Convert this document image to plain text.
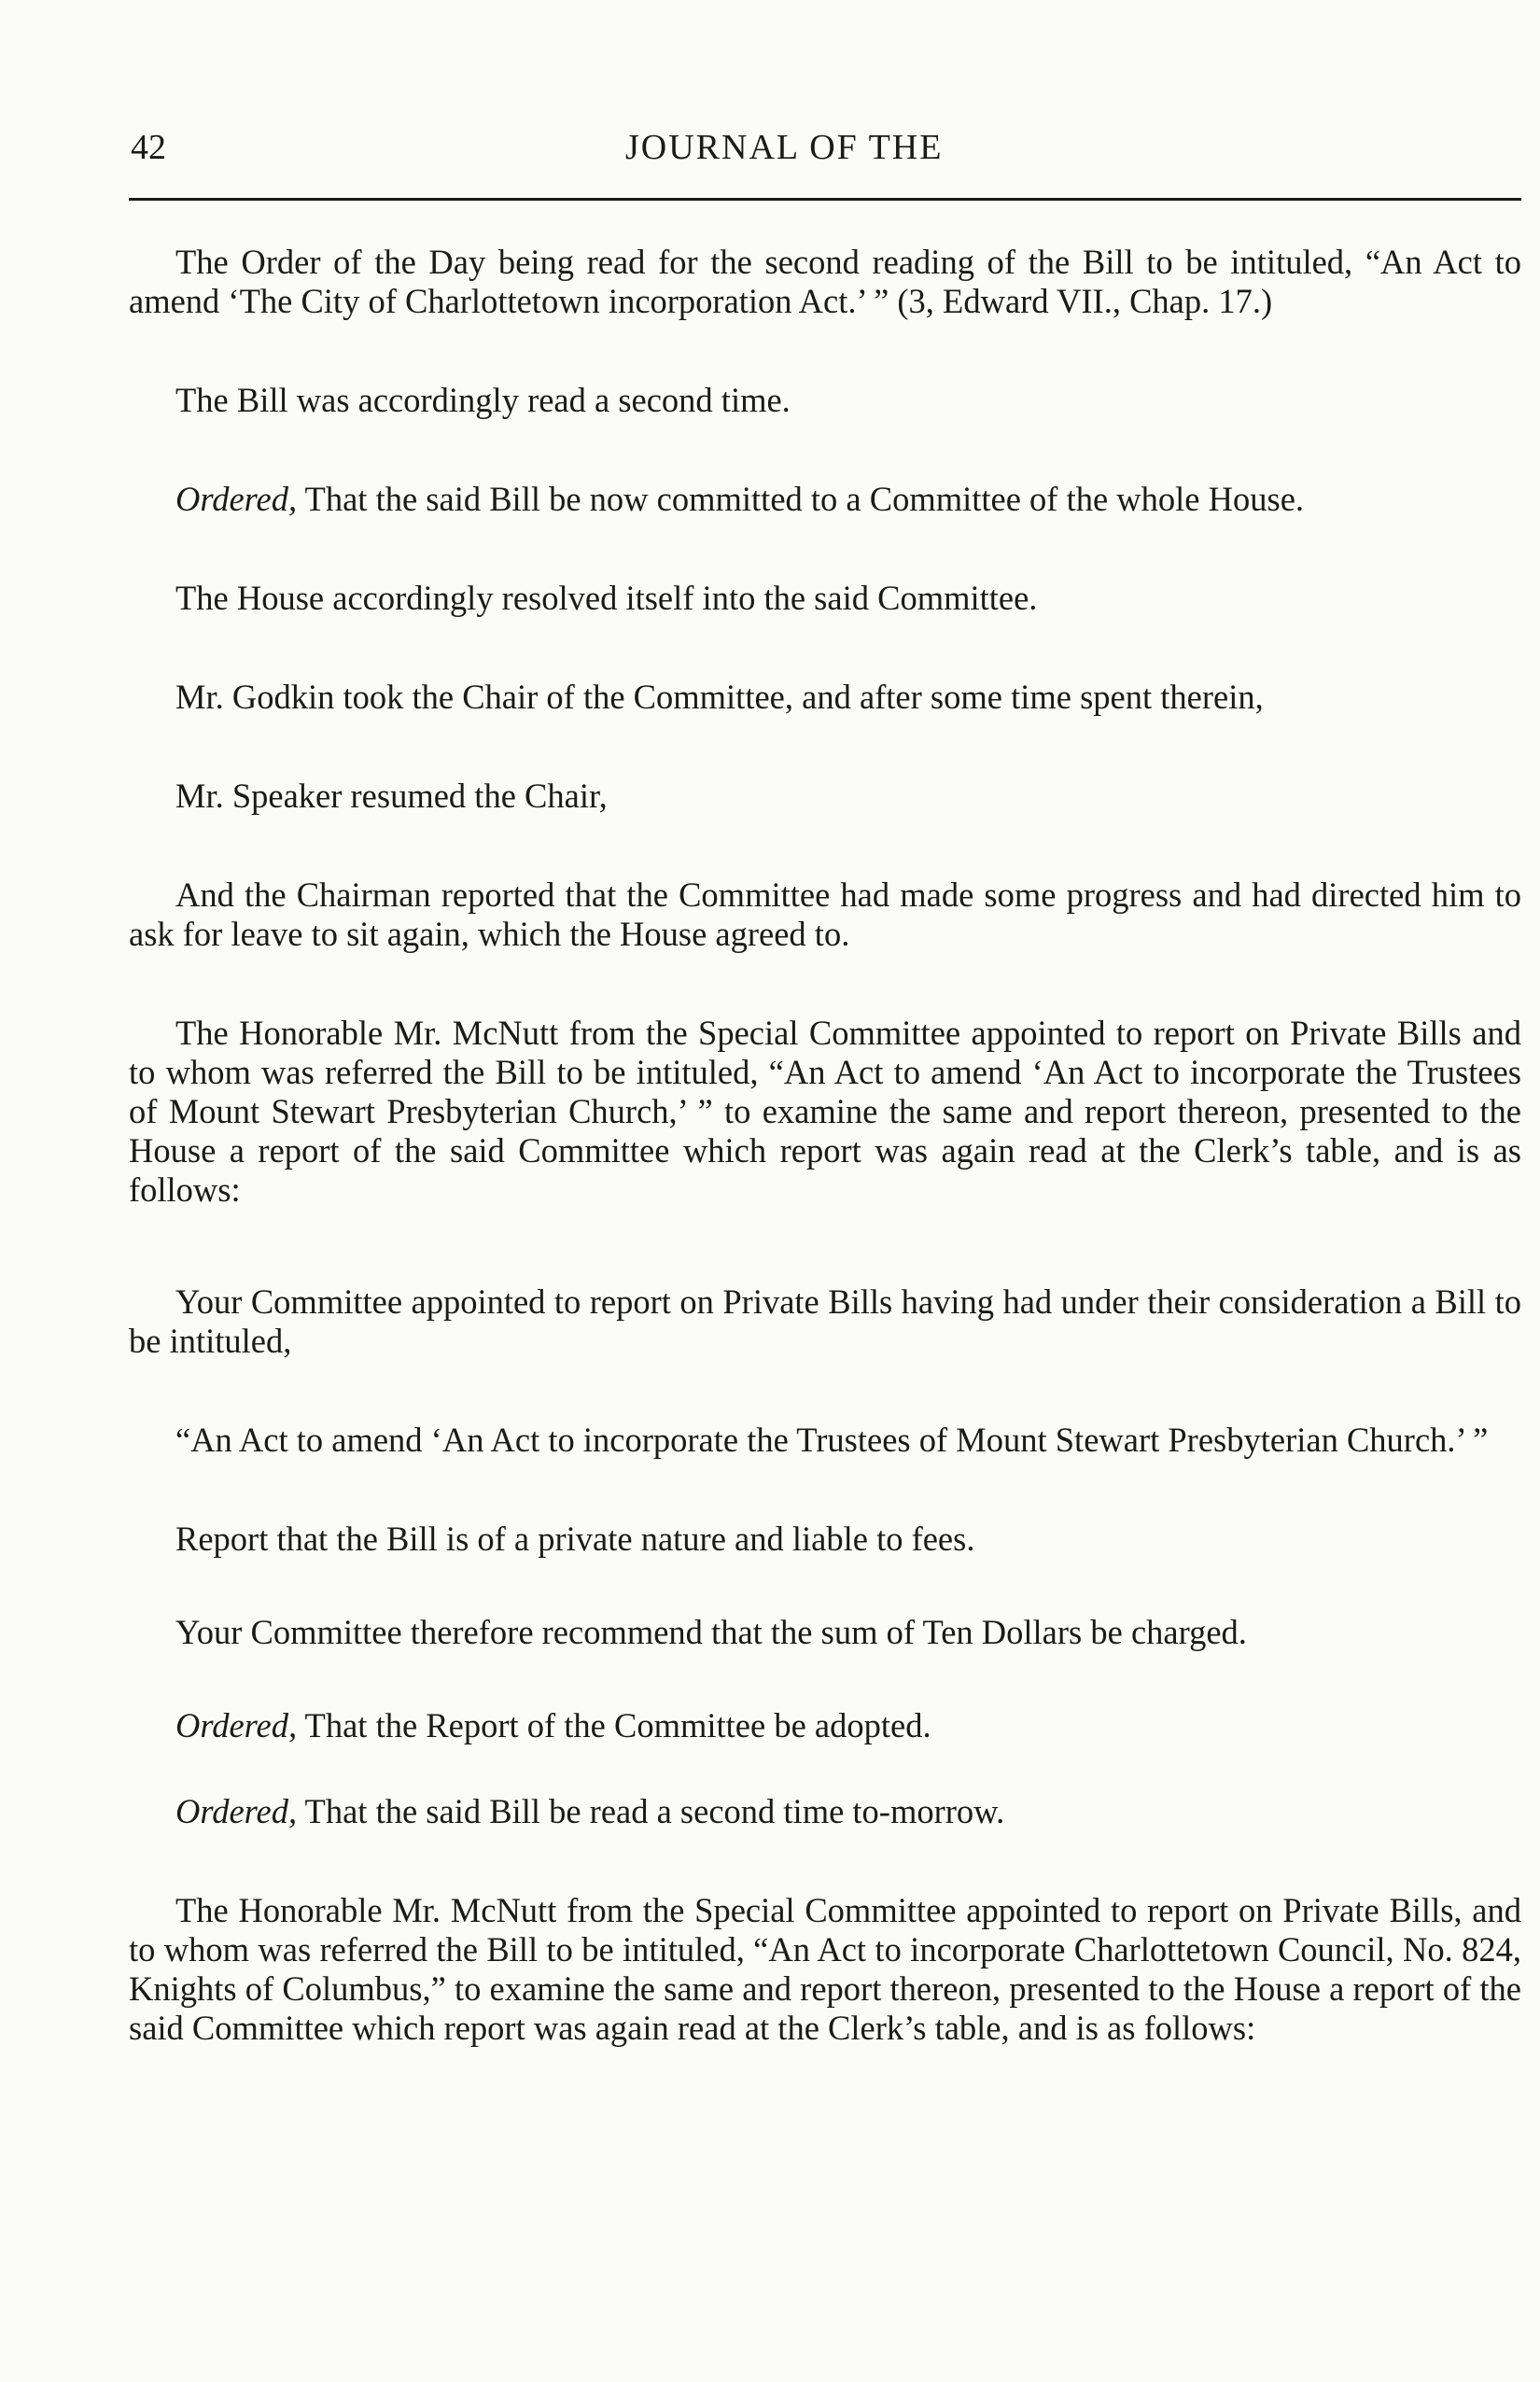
42	JOURNAL OF THE

The Order of the Day being read for the second reading of the Bill to be intituled, “An Act to amend ‘The City of Charlottetown incorporation Act.’ ” (3, Edward VII., Chap. 17.)

The Bill was accordingly read a second time.

Ordered, That the said Bill be now committed to a Committee of the whole House.

The House accordingly resolved itself into the said Committee.

Mr. Godkin took the Chair of the Committee, and after some time spent therein,

Mr. Speaker resumed the Chair,

And the Chairman reported that the Committee had made some progress and had directed him to ask for leave to sit again, which the House agreed to.

The Honorable Mr. McNutt from the Special Committee appointed to report on Private Bills and to whom was referred the Bill to be intituled, “An Act to amend ‘An Act to incorporate the Trustees of Mount Stewart Presbyterian Church,’ ” to examine the same and report thereon, presented to the House a report of the said Committee which report was again read at the Clerk’s table, and is as follows:

Your Committee appointed to report on Private Bills having had under their consideration a Bill to be intituled,

“An Act to amend ‘An Act to incorporate the Trustees of Mount Stewart Presbyterian Church.’ ”

Report that the Bill is of a private nature and liable to fees.

Your Committee therefore recommend that the sum of Ten Dollars be charged.

Ordered, That the Report of the Committee be adopted.

Ordered, That the said Bill be read a second time to-morrow.

The Honorable Mr. McNutt from the Special Committee appointed to report on Private Bills, and to whom was referred the Bill to be intituled, “An Act to incorporate Charlottetown Council, No. 824, Knights of Columbus,” to examine the same and report thereon, presented to the House a report of the said Committee which report was again read at the Clerk’s table, and is as follows:
